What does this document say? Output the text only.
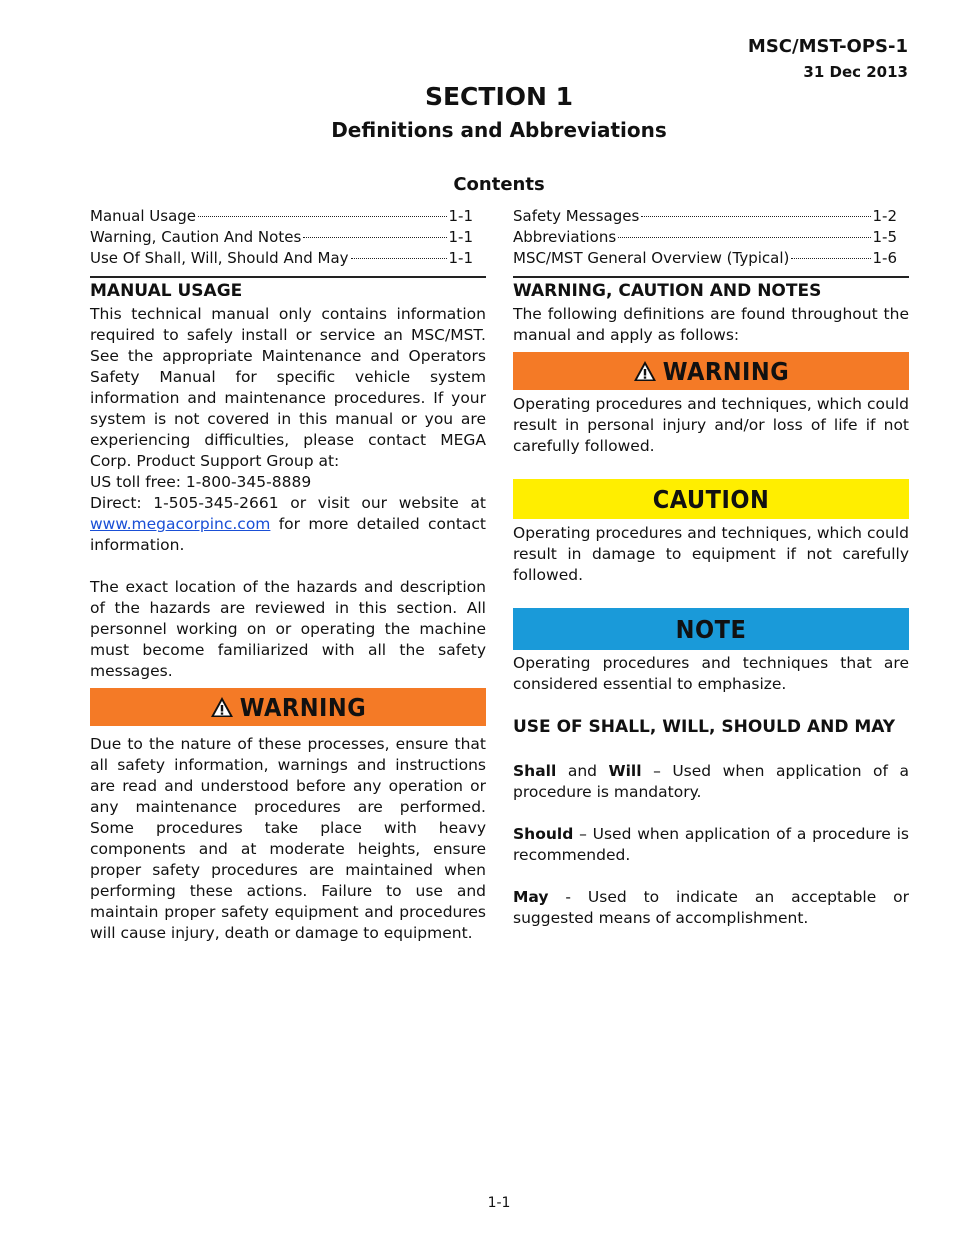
MSC/MST-OPS-1
31 Dec 2013
SECTION 1
Definitions and Abbreviations
Contents
Manual Usage	1-1
Warning, Caution And Notes	1-1
Use Of Shall, Will, Should And May	1-1
Safety Messages	1-2
Abbreviations	1-5
MSC/MST General Overview (Typical)	1-6
MANUAL USAGE

This technical manual only contains information required to safely install or service an MSC/MST. See the appropriate Maintenance and Operators Safety Manual for specific vehicle system information and maintenance procedures. If your system is not covered in this manual or you are experiencing difficulties, please contact MEGA Corp. Product Support Group at:

US toll free: 1-800-345-8889

Direct: 1-505-345-2661 or visit our website at

www.megacorpinc.com for more detailed contact information.

The exact location of the hazards and description of the hazards are reviewed in this section. All personnel working on or operating the machine must become familiarized with all the safety messages.

WARNING

Due to the nature of these processes, ensure that all safety information, warnings and instructions are read and understood before any operation or any maintenance procedures are performed. Some procedures take place with heavy components and at moderate heights, ensure proper safety procedures are maintained when performing these actions. Failure to use and maintain proper safety equipment and procedures will cause injury, death or damage to equipment.

WARNING, CAUTION AND NOTES

The following definitions are found throughout the manual and apply as follows:

WARNING

Operating procedures and techniques, which could result in personal injury and/or loss of life if not carefully followed.

CAUTION

Operating procedures and techniques, which could result in damage to equipment if not carefully followed.

NOTE

Operating procedures and techniques that are considered essential to emphasize.

USE OF SHALL, WILL, SHOULD AND MAY

Shall and Will – Used when application of a procedure is mandatory.

Should – Used when application of a procedure is recommended.

May - Used to indicate an acceptable or suggested means of accomplishment.

1-1
